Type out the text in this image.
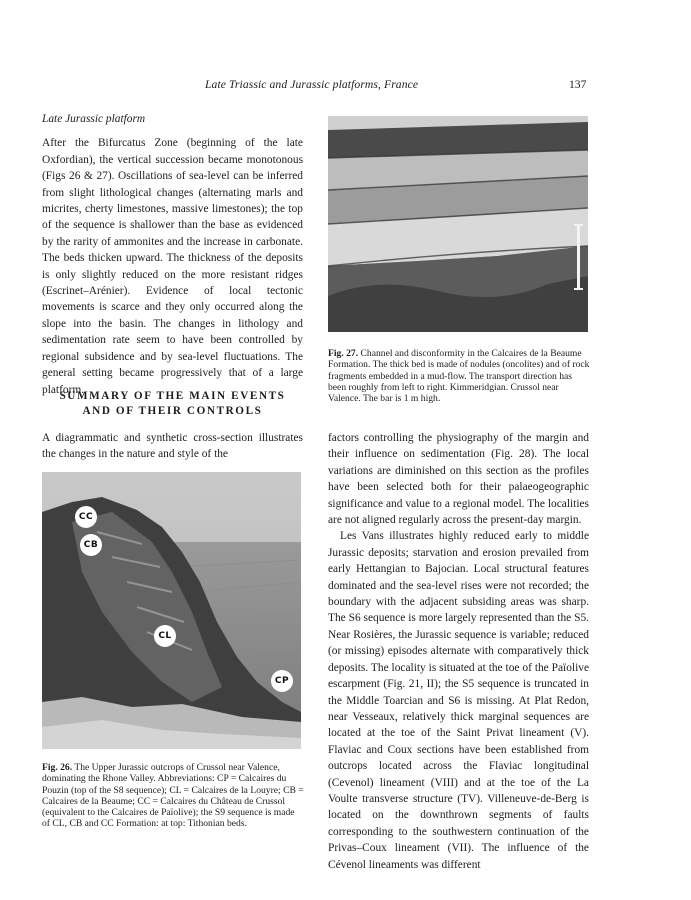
Late Triassic and Jurassic platforms, France	137

Late Jurassic platform

After the Bifurcatus Zone (beginning of the late Oxfordian), the vertical succession became monotonous (Figs 26 & 27). Oscillations of sea-level can be inferred from slight lithological changes (alternating marls and micrites, cherty limestones, massive limestones); the top of the sequence is shallower than the base as evidenced by the rarity of ammonites and the increase in carbonate. The beds thicken upward. The thickness of the deposits is only slightly reduced on the more resistant ridges (Escrinet–Arénier). Evidence of local tectonic movements is scarce and they only occurred along the slope into the basin. The changes in lithology and sedimentation rate seem to have been controlled by regional subsidence and by sea-level fluctuations. The general setting became progressively that of a large platform.

SUMMARY OF THE MAIN EVENTS

AND OF THEIR CONTROLS

A diagrammatic and synthetic cross-section illustrates the changes in the nature and style of the

CC
CB
CL
CP
Fig. 26. The Upper Jurassic outcrops of Crussol near Valence, dominating the Rhone Valley. Abbreviations: CP = Calcaires du Pouzin (top of the S8 sequence); CL = Calcaires de la Louyre; CB = Calcaires de la Beaume; CC = Calcaires du Château de Crussol (equivalent to the Calcaires de Païolive); the S9 sequence is made of CL, CB and CC Formation: at top: Tithonian beds.
Fig. 27. Channel and disconformity in the Calcaires de la Beaume Formation. The thick bed is made of nodules (oncolites) and of rock fragments embedded in a mud-flow. The transport direction has been roughly from left to right. Kimmeridgian. Crussol near Valence. The bar is 1 m high.

factors controlling the physiography of the margin and their influence on sedimentation (Fig. 28). The local variations are diminished on this section as the profiles have been selected both for their palaeogeographic significance and value to a regional model. The localities are not aligned regularly across the present-day margin.

Les Vans illustrates highly reduced early to middle Jurassic deposits; starvation and erosion prevailed from early Hettangian to Bajocian. Local structural features dominated and the sea-level rises were not recorded; the boundary with the adjacent subsiding areas was sharp. The S6 sequence is more largely represented than the S5. Near Rosières, the Jurassic sequence is variable; reduced (or missing) episodes alternate with comparatively thick deposits. The locality is situated at the toe of the Païolive escarpment (Fig. 21, II); the S5 sequence is truncated in the Middle Toarcian and S6 is missing. At Plat Redon, near Vesseaux, relatively thick marginal sequences are located at the toe of the Saint Privat lineament (V). Flaviac and Coux sections have been established from outcrops located across the Flaviac longitudinal (Cevenol) lineament (VIII) and at the toe of the La Voulte transverse structure (TV). Villeneuve-de-Berg is located on the downthrown segments of faults corresponding to the southwestern continuation of the Privas–Coux lineament (VII). The influence of the Cévenol lineaments was different
